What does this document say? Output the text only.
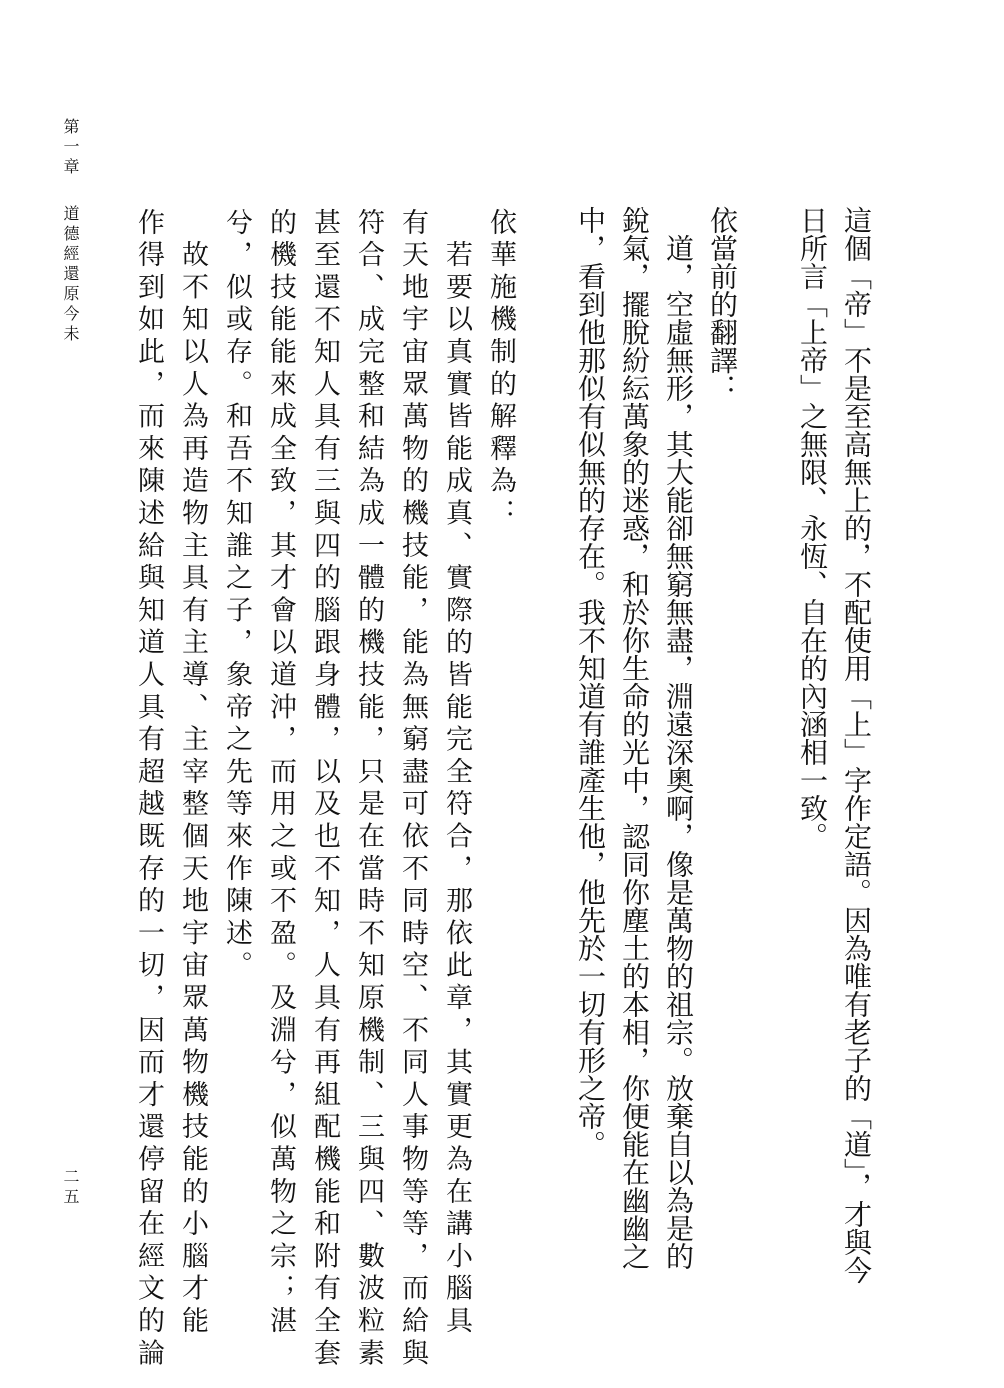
第一章
道德經還原今未
二五	這個「帝」不是至高無上的，不配使用「上」字作定語。因為唯有老子的「道」，才與今
日所言「上帝」之無限、永恆、自在的內涵相一致。
依當前的翻譯：
　道，空虛無形，其大能卻無窮無盡，淵遠深奧啊，像是萬物的祖宗。放棄自以為是的
銳氣，擺脫紛紜萬象的迷惑，和於你生命的光中，認同你塵土的本相，你便能在幽幽之
中，看到他那似有似無的存在。我不知道有誰產生他，他先於一切有形之帝。
依華施機制的解釋為：
　若要以真實皆能成真、實際的皆能完全符合，那依此章，其實更為在講小腦具
有天地宇宙眾萬物的機技能，能為無窮盡可依不同時空、不同人事物等等，而給與
符合、成完整和結為成一體的機技能，只是在當時不知原機制、三與四、數波粒素
甚至還不知人具有三與四的腦跟身體，以及也不知，人具有再組配機能和附有全套
的機技能能來成全致，其才會以道沖，而用之或不盈。及淵兮，似萬物之宗；湛
兮，似或存。和吾不知誰之子，象帝之先等來作陳述。
　故不知以人為再造物主具有主導、主宰整個天地宇宙眾萬物機技能的小腦才能
作得到如此，而來陳述給與知道人具有超越既存的一切，因而才還停留在經文的論
